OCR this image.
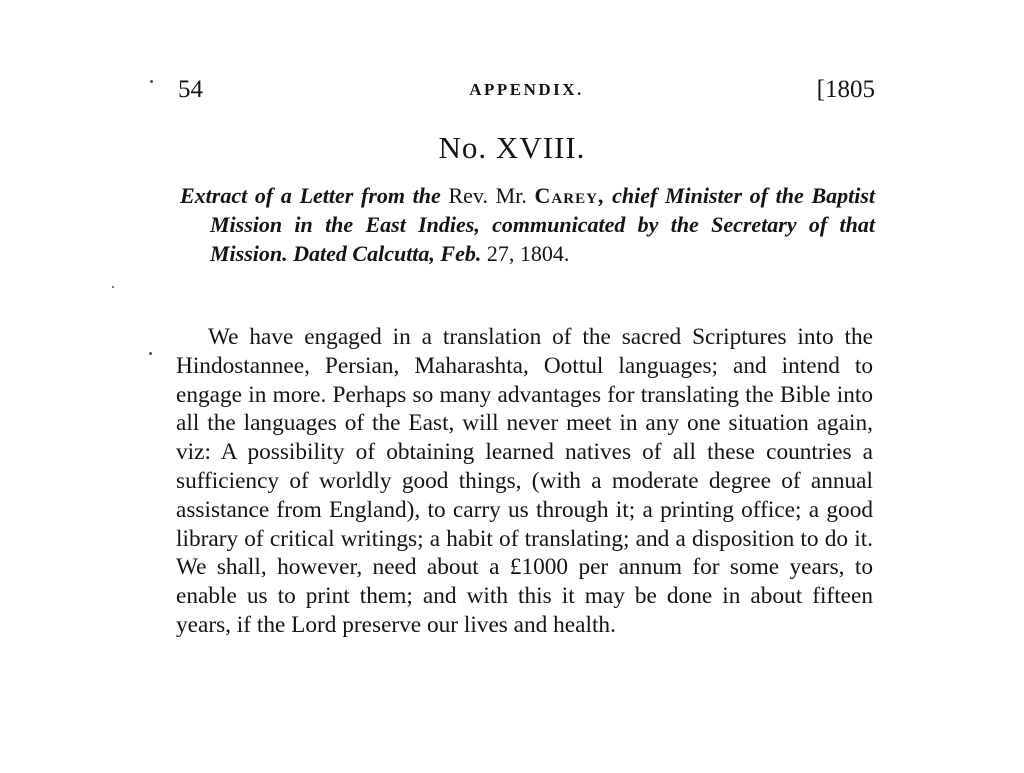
54	APPENDIX.	[1805
No. XVIII.
Extract of a Letter from the Rev. Mr. Carey, chief Minister of the Baptist Mission in the East Indies, communicated by the Secretary of that Mission. Dated Calcutta, Feb. 27, 1804.

We have engaged in a translation of the sacred Scriptures into the Hindostannee, Persian, Maharashta, Oottul languages; and intend to engage in more. Perhaps so many advantages for translating the Bible into all the languages of the East, will never meet in any one situation again, viz: A possibility of obtaining learned natives of all these countries a sufficiency of worldly good things, (with a moderate degree of annual assistance from England), to carry us through it; a printing office; a good library of critical writings; a habit of translating; and a disposition to do it. We shall, however, need about a £1000 per annum for some years, to enable us to print them; and with this it may be done in about fifteen years, if the Lord preserve our lives and health.
